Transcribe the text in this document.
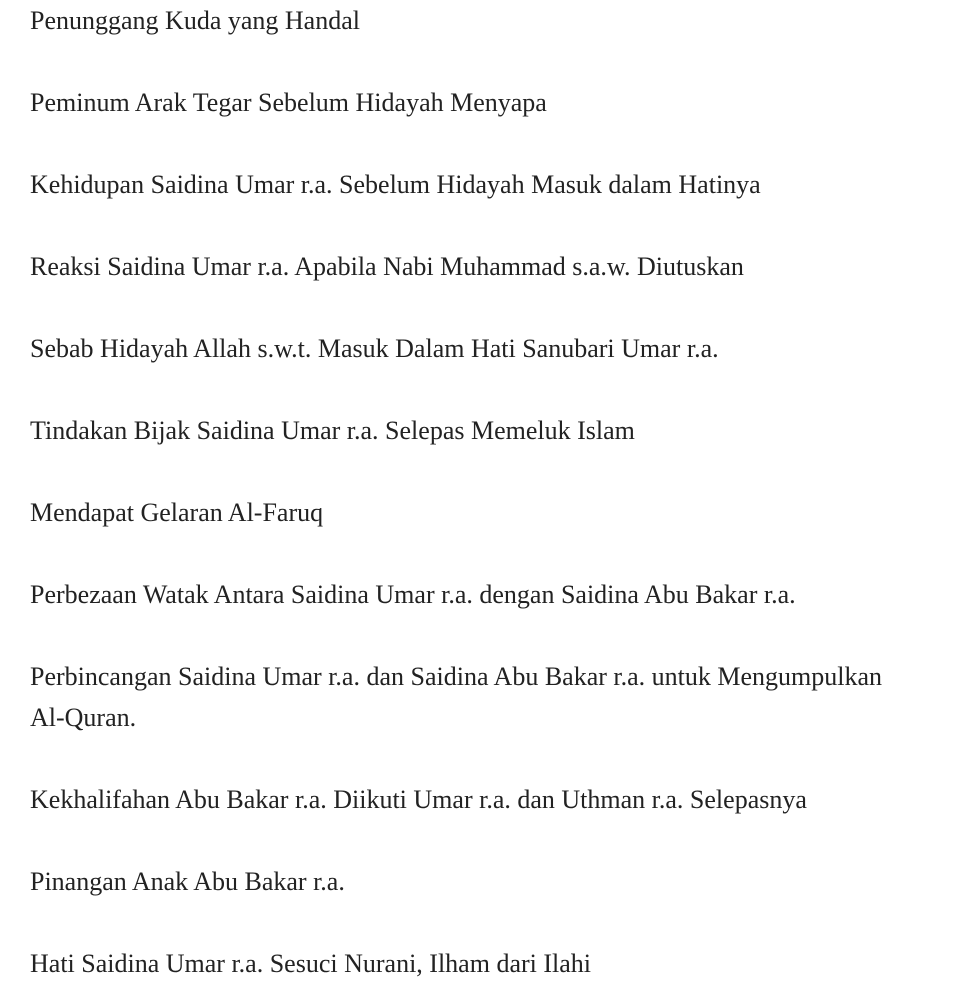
Penunggang Kuda yang Handal
Peminum Arak Tegar Sebelum Hidayah Menyapa
Kehidupan Saidina Umar r.a. Sebelum Hidayah Masuk dalam Hatinya
Reaksi Saidina Umar r.a. Apabila Nabi Muhammad s.a.w. Diutuskan
Sebab Hidayah Allah s.w.t. Masuk Dalam Hati Sanubari Umar r.a.
Tindakan Bijak Saidina Umar r.a. Selepas Memeluk Islam
Mendapat Gelaran Al-Faruq
Perbezaan Watak Antara Saidina Umar r.a. dengan Saidina Abu Bakar r.a.
Perbincangan Saidina Umar r.a. dan Saidina Abu Bakar r.a. untuk Mengumpulkan Al-Quran.
Kekhalifahan Abu Bakar r.a. Diikuti Umar r.a. dan Uthman r.a. Selepasnya
Pinangan Anak Abu Bakar r.a.
Hati Saidina Umar r.a. Sesuci Nurani, Ilham dari Ilahi
